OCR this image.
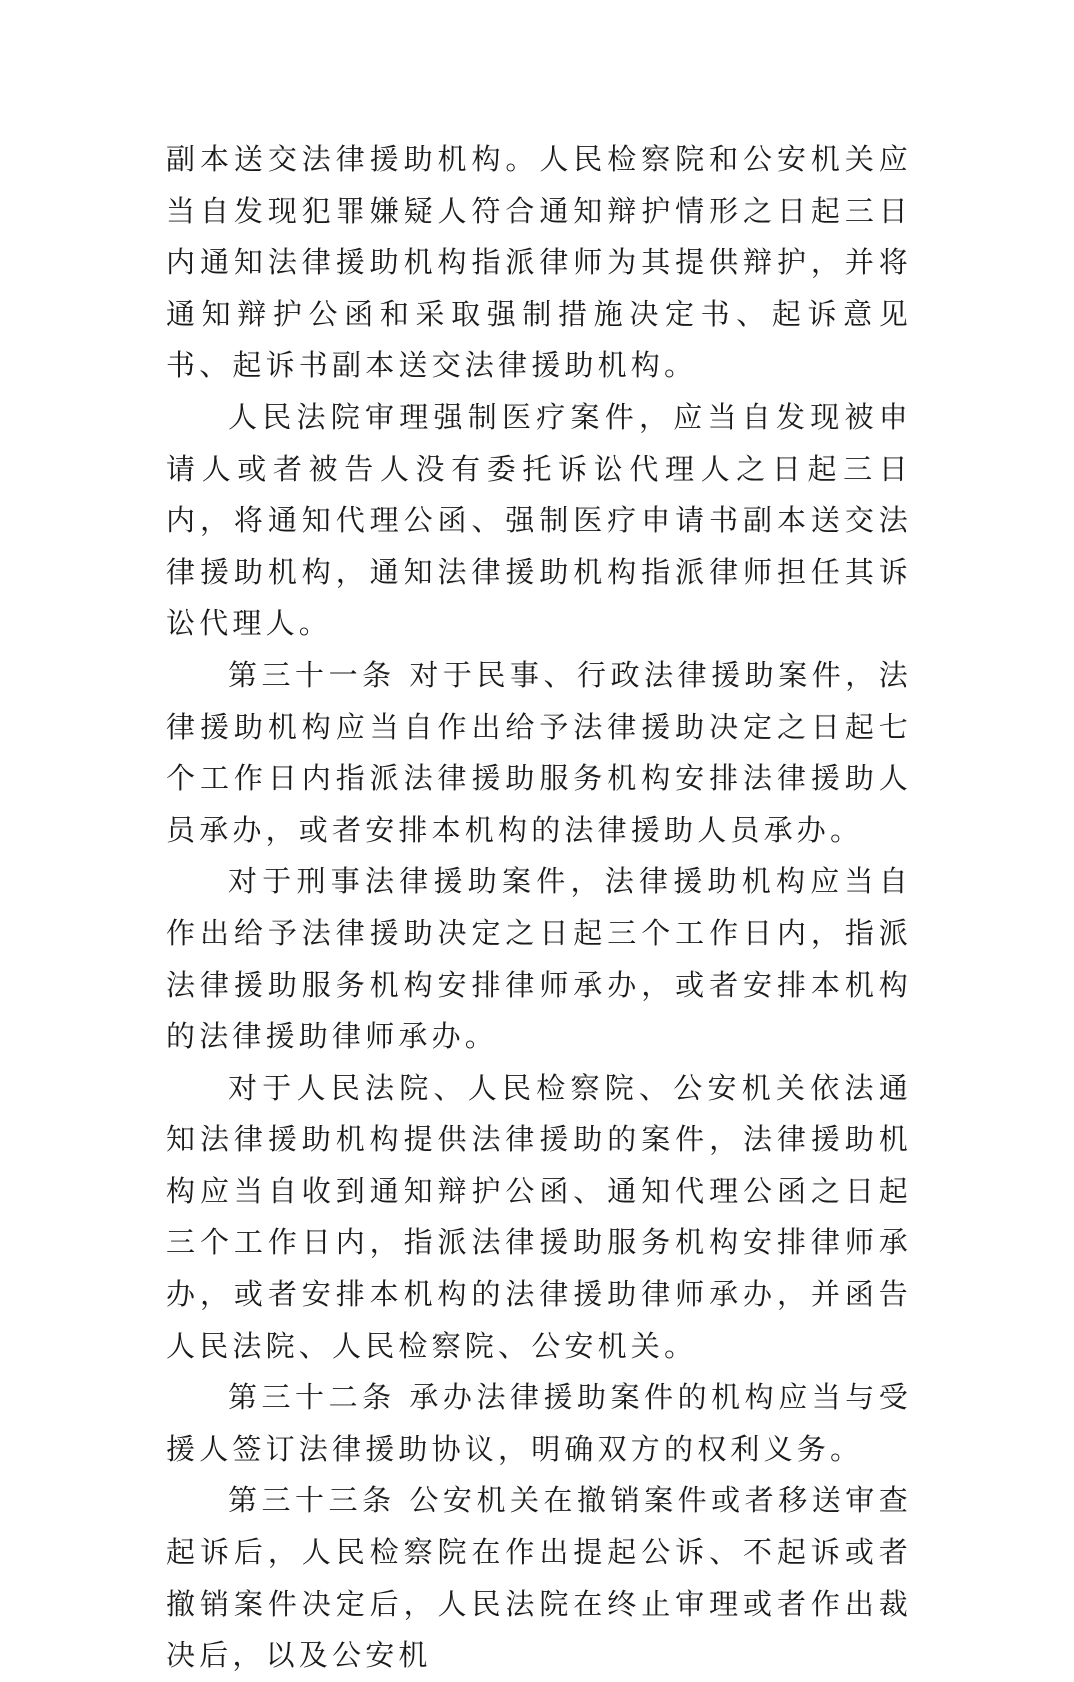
副本送交法律援助机构。人民检察院和公安机关应当自发现犯罪嫌疑人符合通知辩护情形之日起三日内通知法律援助机构指派律师为其提供辩护，并将通知辩护公函和采取强制措施决定书、起诉意见书、起诉书副本送交法律援助机构。

人民法院审理强制医疗案件，应当自发现被申请人或者被告人没有委托诉讼代理人之日起三日内，将通知代理公函、强制医疗申请书副本送交法律援助机构，通知法律援助机构指派律师担任其诉讼代理人。

第三十一条 对于民事、行政法律援助案件，法律援助机构应当自作出给予法律援助决定之日起七个工作日内指派法律援助服务机构安排法律援助人员承办，或者安排本机构的法律援助人员承办。

对于刑事法律援助案件，法律援助机构应当自作出给予法律援助决定之日起三个工作日内，指派法律援助服务机构安排律师承办，或者安排本机构的法律援助律师承办。

对于人民法院、人民检察院、公安机关依法通知法律援助机构提供法律援助的案件，法律援助机构应当自收到通知辩护公函、通知代理公函之日起三个工作日内，指派法律援助服务机构安排律师承办，或者安排本机构的法律援助律师承办，并函告人民法院、人民检察院、公安机关。

第三十二条 承办法律援助案件的机构应当与受援人签订法律援助协议，明确双方的权利义务。

第三十三条 公安机关在撤销案件或者移送审查起诉后，人民检察院在作出提起公诉、不起诉或者撤销案件决定后，人民法院在终止审理或者作出裁决后，以及公安机
